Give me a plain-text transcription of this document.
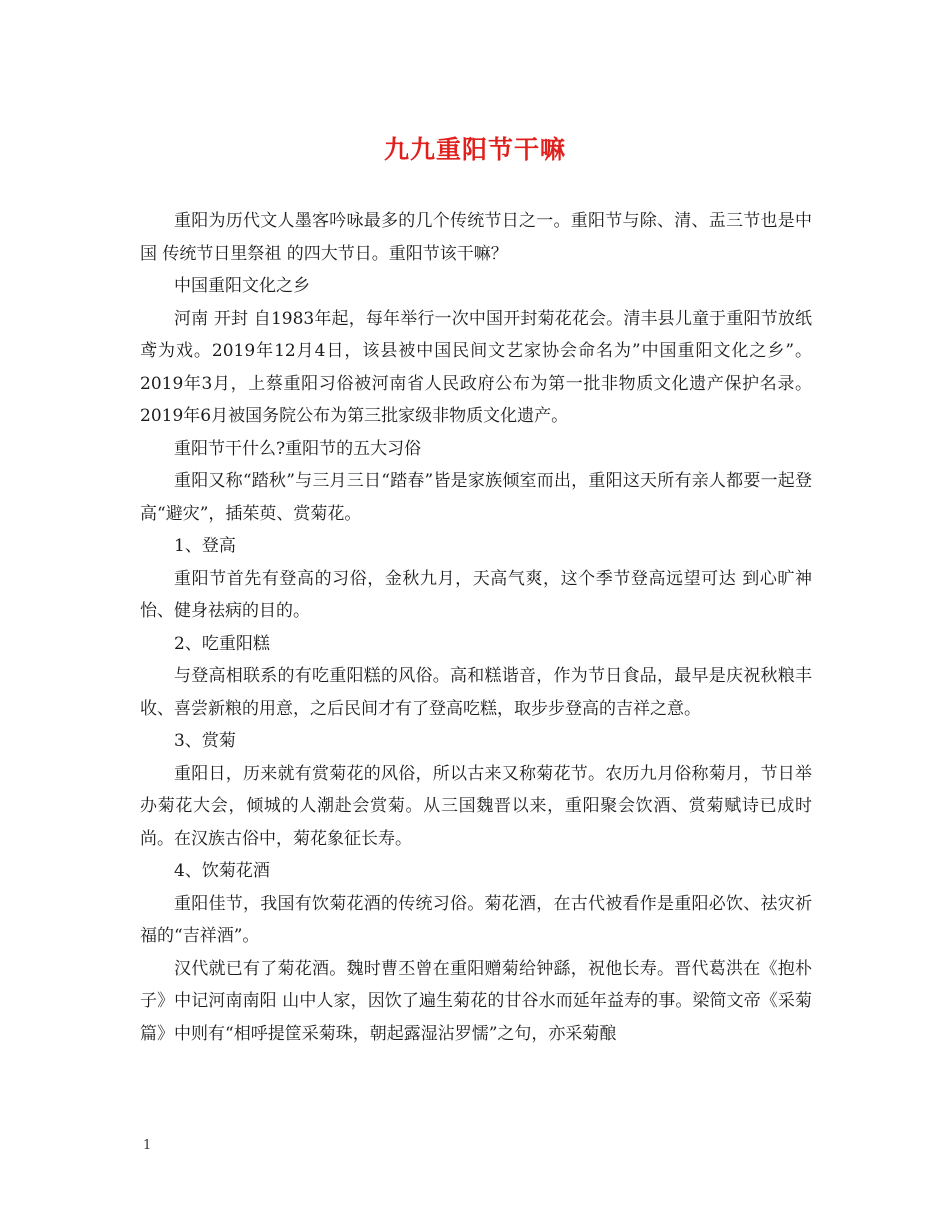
九九重阳节干嘛

重阳为历代文人墨客吟咏最多的几个传统节日之一。重阳节与除、清、盂三节也是中国 传统节日里祭祖 的四大节日。重阳节该干嘛？

中国重阳文化之乡

河南 开封 自1983年起，每年举行一次中国开封菊花花会。清丰县儿童于重阳节放纸鸢为戏。2019年12月4日，该县被中国民间文艺家协会命名为”中国重阳文化之乡”。2019年3月，上蔡重阳习俗被河南省人民政府公布为第一批非物质文化遗产保护名录。2019年6月被国务院公布为第三批家级非物质文化遗产。

重阳节干什么?重阳节的五大习俗

重阳又称“踏秋”与三月三日“踏春”皆是家族倾室而出，重阳这天所有亲人都要一起登高“避灾”，插茱萸、赏菊花。

1、登高

重阳节首先有登高的习俗，金秋九月，天高气爽，这个季节登高远望可达 到心旷神怡、健身祛病的目的。

2、吃重阳糕

与登高相联系的有吃重阳糕的风俗。高和糕谐音，作为节日食品，最早是庆祝秋粮丰收、喜尝新粮的用意，之后民间才有了登高吃糕，取步步登高的吉祥之意。

3、赏菊

重阳日，历来就有赏菊花的风俗，所以古来又称菊花节。农历九月俗称菊月，节日举办菊花大会，倾城的人潮赴会赏菊。从三国魏晋以来，重阳聚会饮酒、赏菊赋诗已成时尚。在汉族古俗中，菊花象征长寿。

4、饮菊花酒

重阳佳节，我国有饮菊花酒的传统习俗。菊花酒，在古代被看作是重阳必饮、祛灾祈福的“吉祥酒”。

汉代就已有了菊花酒。魏时曹丕曾在重阳赠菊给钟繇，祝他长寿。晋代葛洪在《抱朴子》中记河南南阳 山中人家，因饮了遍生菊花的甘谷水而延年益寿的事。梁简文帝《采菊篇》中则有“相呼提筐采菊珠，朝起露湿沾罗懦”之句，亦采菊酿

1
